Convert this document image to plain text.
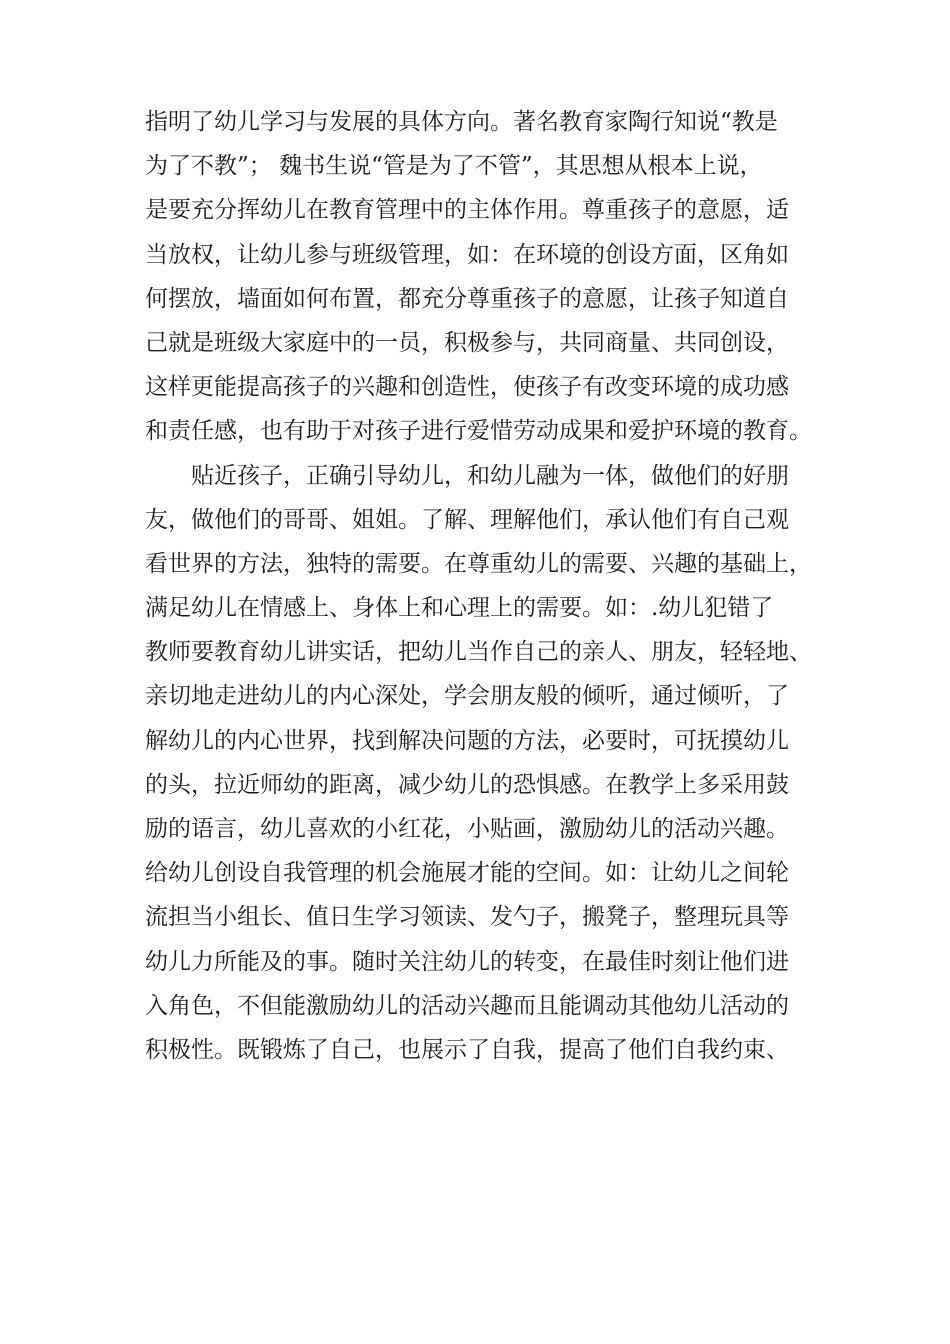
指明了幼儿学习与发展的具体方向。著名教育家陶行知说“教是
为了不教”； 魏书生说“管是为了不管”，其思想从根本上说，
是要充分挥幼儿在教育管理中的主体作用。尊重孩子的意愿，适
当放权，让幼儿参与班级管理，如：在环境的创设方面，区角如
何摆放，墙面如何布置，都充分尊重孩子的意愿，让孩子知道自
己就是班级大家庭中的一员，积极参与，共同商量、共同创设，
这样更能提高孩子的兴趣和创造性，使孩子有改变环境的成功感
和责任感，也有助于对孩子进行爱惜劳动成果和爱护环境的教育。
　　贴近孩子，正确引导幼儿，和幼儿融为一体，做他们的好朋
友，做他们的哥哥、姐姐。了解、理解他们，承认他们有自己观
看世界的方法，独特的需要。在尊重幼儿的需要、兴趣的基础上，
满足幼儿在情感上、身体上和心理上的需要。如：.幼儿犯错了
教师要教育幼儿讲实话，把幼儿当作自己的亲人、朋友，轻轻地、
亲切地走进幼儿的内心深处，学会朋友般的倾听，通过倾听，了
解幼儿的内心世界，找到解决问题的方法，必要时，可抚摸幼儿
的头，拉近师幼的距离，减少幼儿的恐惧感。在教学上多采用鼓
励的语言，幼儿喜欢的小红花，小贴画，激励幼儿的活动兴趣。
给幼儿创设自我管理的机会施展才能的空间。如：让幼儿之间轮
流担当小组长、值日生学习领读、发勺子，搬凳子，整理玩具等
幼儿力所能及的事。随时关注幼儿的转变，在最佳时刻让他们进
入角色，不但能激励幼儿的活动兴趣而且能调动其他幼儿活动的
积极性。既锻炼了自己，也展示了自我，提高了他们自我约束、
